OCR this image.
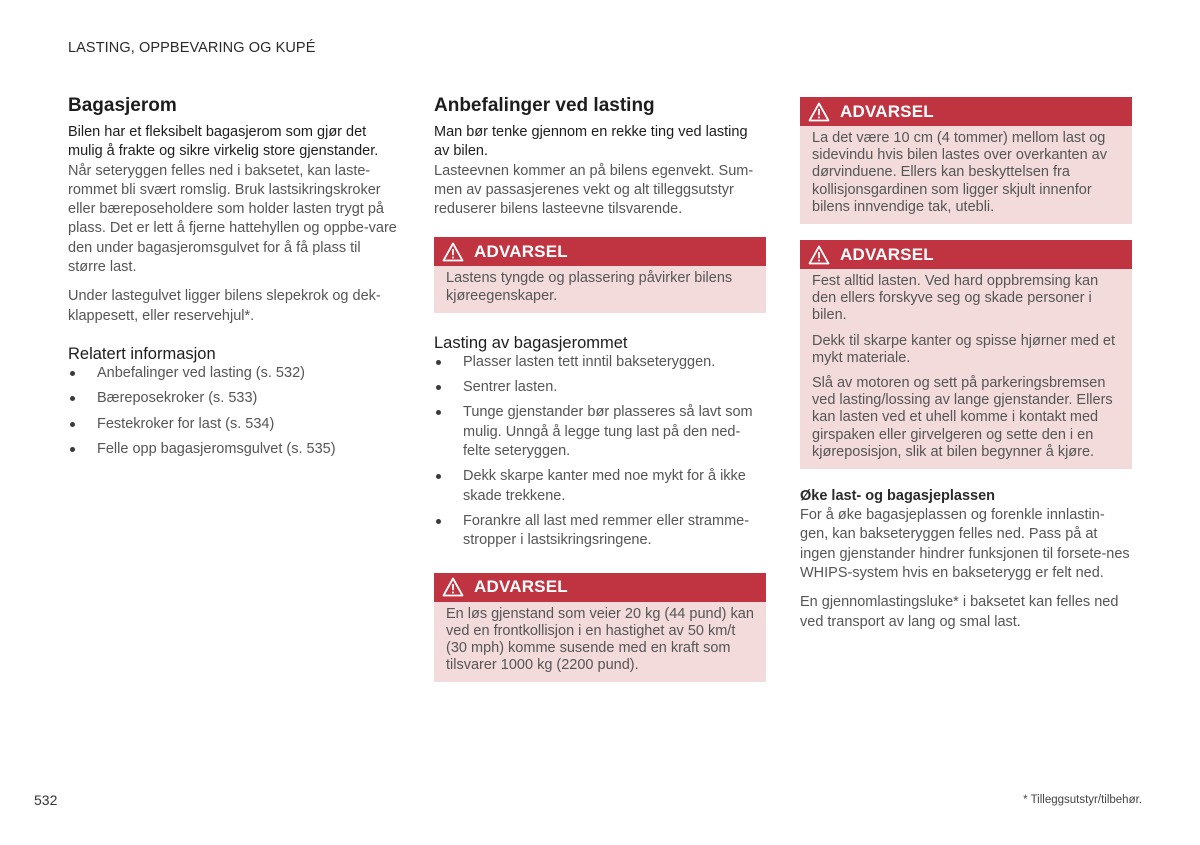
LASTING, OPPBEVARING OG KUPÉ
Bagasjerom

Bilen har et fleksibelt bagasjerom som gjør det mulig å frakte og sikre virkelig store gjenstander.

Når seteryggen felles ned i baksetet, kan laste-rommet bli svært romslig. Bruk lastsikringskroker eller bæreposeholdere som holder lasten trygt på plass. Det er lett å fjerne hattehyllen og oppbe-vare den under bagasjeromsgulvet for å få plass til større last.

Under lastegulvet ligger bilens slepekrok og dek-klappesett, eller reservehjul*.

Relatert informasjon
Anbefalinger ved lasting (s. 532)
Bæreposekroker (s. 533)
Festekroker for last (s. 534)
Felle opp bagasjeromsgulvet (s. 535)
Anbefalinger ved lasting

Man bør tenke gjennom en rekke ting ved lasting av bilen.

Lasteevnen kommer an på bilens egenvekt. Sum-men av passasjerenes vekt og alt tilleggsutstyr reduserer bilens lasteevne tilsvarende.

ADVARSEL

Lastens tyngde og plassering påvirker bilens kjøreegenskaper.

Lasting av bagasjerommet
Plasser lasten tett inntil bakseteryggen.
Sentrer lasten.
Tunge gjenstander bør plasseres så lavt som mulig. Unngå å legge tung last på den ned-felte seteryggen.
Dekk skarpe kanter med noe mykt for å ikke skade trekkene.
Forankre all last med remmer eller stramme-stropper i lastsikringsringene.
ADVARSEL

En løs gjenstand som veier 20 kg (44 pund) kan ved en frontkollisjon i en hastighet av 50 km/t (30 mph) komme susende med en kraft som tilsvarer 1000 kg (2200 pund).

ADVARSEL

La det være 10 cm (4 tommer) mellom last og sidevindu hvis bilen lastes over overkanten av dørvinduene. Ellers kan beskyttelsen fra kollisjonsgardinen som ligger skjult innenfor bilens innvendige tak, utebli.

ADVARSEL

Fest alltid lasten. Ved hard oppbremsing kan den ellers forskyve seg og skade personer i bilen.

Dekk til skarpe kanter og spisse hjørner med et mykt materiale.

Slå av motoren og sett på parkeringsbremsen ved lasting/lossing av lange gjenstander. Ellers kan lasten ved et uhell komme i kontakt med girspaken eller girvelgeren og sette den i en kjøreposisjon, slik at bilen begynner å kjøre.

Øke last- og bagasjeplassen

For å øke bagasjeplassen og forenkle innlastin-gen, kan bakseteryggen felles ned. Pass på at ingen gjenstander hindrer funksjonen til forsete-nes WHIPS-system hvis en bakseterygg er felt ned.

En gjennomlastingsluke* i baksetet kan felles ned ved transport av lang og smal last.

532	* Tilleggsutstyr/tilbehør.
